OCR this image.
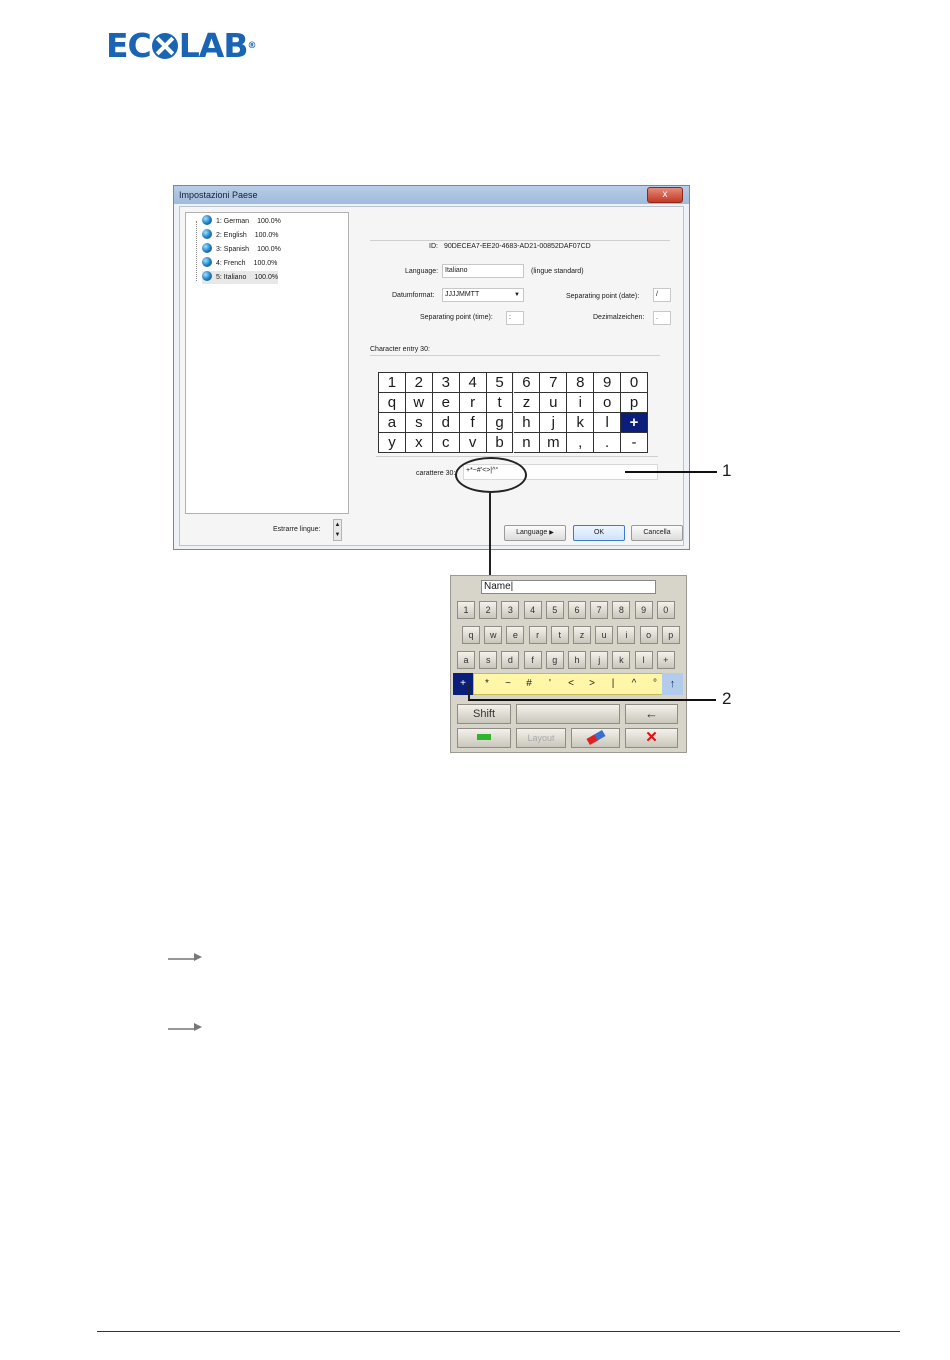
EC LAB®
Impostazioni Paese	x
1: German 100.0%
2: English 100.0%
3: Spanish 100.0%
4: French 100.0%
5: Italiano 100.0%
ID: 90DECEA7-EE20-4683-AD21-00852DAF07CD
Language: Italiano	(lingue standard)
Datumformat:	JJJJMMTT	▼	Separating point (date):	/
Separating point (time):	:	Dezimalzeichen:	.
Character entry 30:
1	2	3	4	5	6	7	8	9	0
q	w	e	r	t	z	u	i	o	p
a	s	d	f	g	h	j	k	l	+
y	x	c	v	b	n	m	,	.	-
carattere 30:	+*~#'<>|^°
Estrarre lingue:
▲
▼	Language ▶	OK	Cancella
1
Name|
+	*	~	#	'	<	>	|	^	°	↑
Shift	←
Layout	✕
1	2	3	4	5	6	7	8	9	0
q	w	e	r	t	z	u	i	o	p
a	s	d	f	g	h	j	k	l	+
2
